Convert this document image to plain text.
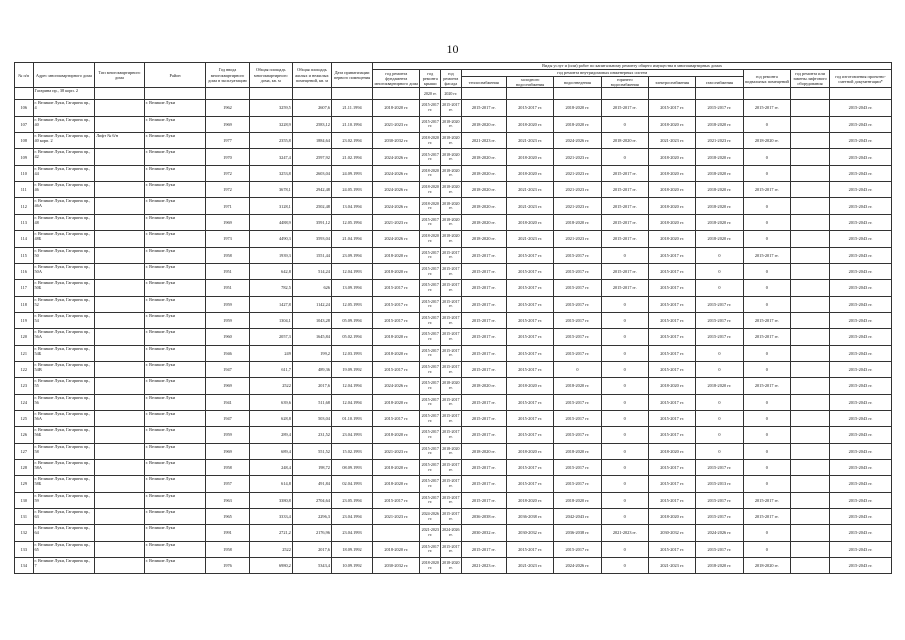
10
№ п/п	Адрес многоквартирного дома	Тип многоквартирного дома	Район	Год ввода многоквартирного дома в эксплуатацию	Общая площадь многоквартирного дома, кв. м	Общая площадь жилых и нежилых помещений, кв. м	Дата приватизации первого помещения	Виды услуг и (или) работ по капитальному ремонту общего имущества в многоквартирных домах											
								год ремонта фундамента многоквартирного дома	год ремонта крыши	год ремонта фасада	год ремонта внутридомовых инженерных систем						год ремонта подвальных помещений	год ремонта или замены лифтового оборудования	год изготовления проектно-сметной документации*
											теплоснабжения	холодного водоснабжения	водоотведения	горячего водоснабжения	электроснабжения	газоснабжения			
	Гагарина пр., 38 корп. 2								2020 гг.	2020 гг.									
106	г. Великие Луки, Гагарина пр., 4		г. Великие Луки	1962	3259,5	2607,6	21.11.1994	2018-2020 гг.	2015-2017 гг.	2015-2017 гг.	2015-2017 гг.	2015-2017 гг.	2018-2020 гг.	2015-2017 гг.	2015-2017 гг.	2015-2017 гг.	2015-2017 гг.		2015-2043 гг.
107	г. Великие Луки, Гагарина пр., 40		г. Великие Луки	1969	3228,9	2583,12	21.10.1994	2021-2023 гг.	2015-2017 гг.	2018-2020 гг.	2018-2020 гг.	2018-2020 гг.	2018-2020 гг.	0	2018-2020 гг.	2018-2020 гг.	0		2015-2043 гг.
108	г. Великие Луки, Гагарина пр., 40 корп. 2	Лифт № 6/н	г. Великие Луки	1977	2355,8	1884,64	23.02.1994	2030-2032 гг.	2018-2020 гг.	2018-2020 гг.	2021-2023 гг.	2021-2023 гг.	2024-2026 гг.	2018-2020 гг.	2021-2023 гг.	2021-2023 гг.	2018-2020 гг.		2015-2043 гг.
109	г. Великие Луки, Гагарина пр., 42		г. Великие Луки	1970	3247,4	2597,92	21.02.1994	2024-2026 гг.	2015-2017 гг.	2018-2020 гг.	2018-2020 гг.	2018-2020 гг.	2021-2023 гг.	0	2018-2020 гг.	2018-2020 гг.	0		2015-2043 гг.
110	г. Великие Луки, Гагарина пр., 44		г. Великие Луки	1972	3253,8	2603,04	24.09.1993	2024-2026 гг.	2018-2020 гг.	2018-2020 гг.	2018-2020 гг.	2018-2020 гг.	2021-2023 гг.	2015-2017 гг.	2018-2020 гг.	2018-2020 гг.	0		2015-2043 гг.
111	г. Великие Луки, Гагарина пр., 46		г. Великие Луки	1972	3678,1	2942,48	24.05.1993	2024-2026 гг.	2018-2020 гг.	2018-2020 гг.	2018-2020 гг.	2021-2023 гг.	2021-2023 гг.	2015-2017 гг.	2018-2020 гг.	2018-2020 гг.	2015-2017 гг.		2015-2043 гг.
112	г. Великие Луки, Гагарина пр., 46А		г. Великие Луки	1971	3128,1	2502,48	13.04.1994	2024-2026 гг.	2018-2020 гг.	2018-2020 гг.	2018-2020 гг.	2021-2023 гг.	2021-2023 гг.	2015-2017 гг.	2018-2020 гг.	2018-2020 гг.	0		2015-2043 гг.
113	г. Великие Луки, Гагарина пр., 48		г. Великие Луки	1969	4488,9	3591,12	12.05.1994	2021-2023 гг.	2015-2017 гг.	2018-2020 гг.	2018-2020 гг.	2018-2020 гг.	2018-2020 гг.	2015-2017 гг.	2018-2020 гг.	2018-2020 гг.	0		2015-2043 гг.
114	г. Великие Луки, Гагарина пр., 48Б		г. Великие Луки	1973	4490,3	3593,04	21.04.1994	2024-2026 гг.	2018-2020 гг.	2018-2020 гг.	2018-2020 гг.	2021-2023 гг.	2021-2023 гг.	2015-2017 гг.	2018-2020 гг.	2018-2020 гг.	0		2015-2043 гг.
115	г. Великие Луки, Гагарина пр., 50		г. Великие Луки	1958	1939,3	1551,44	23.09.1994	2018-2020 гг.	2015-2017 гг.	2015-2017 гг.	2015-2017 гг.	2015-2017 гг.	2015-2017 гг.	0	2015-2017 гг.	0	2015-2017 гг.		2015-2043 гг.
116	г. Великие Луки, Гагарина пр., 50А		г. Великие Луки	1951	642,8	514,24	12.04.1993	2018-2020 гг.	2015-2017 гг.	2015-2017 гг.	2015-2017 гг.	2015-2017 гг.	2015-2017 гг.	2015-2017 гг.	2015-2017 гг.	0	0		2015-2043 гг.
117	г. Великие Луки, Гагарина пр., 50Б		г. Великие Луки	1951	782,5	626	13.09.1994	2015-2017 гг.	2015-2017 гг.	2015-2017 гг.	2015-2017 гг.	2015-2017 гг.	2015-2017 гг.	2015-2017 гг.	2015-2017 гг.	0	0		2015-2043 гг.
118	г. Великие Луки, Гагарина пр., 52		г. Великие Луки	1959	1427,8	1142,24	12.05.1993	2015-2017 гг.	2015-2017 гг.	2015-2017 гг.	2015-2017 гг.	2015-2017 гг.	2015-2017 гг.	0	2015-2017 гг.	2015-2017 гг.	0		2015-2043 гг.
119	г. Великие Луки, Гагарина пр., 54		г. Великие Луки	1959	1304,1	1043,28	05.09.1994	2015-2017 гг.	2015-2017 гг.	2015-2017 гг.	2015-2017 гг.	2015-2017 гг.	2015-2017 гг.	0	2015-2017 гг.	2015-2017 гг.	2015-2017 гг.		2015-2043 гг.
120	г. Великие Луки, Гагарина пр., 56А		г. Великие Луки	1960	2057,3	1645,84	05.02.1994	2018-2020 гг.	2015-2017 гг.	2015-2017 гг.	2015-2017 гг.	2015-2017 гг.	2015-2017 гг.	0	2015-2017 гг.	2015-2017 гг.	2015-2017 гг.		2015-2043 гг.
121	г. Великие Луки, Гагарина пр., 54Б		г. Великие Луки	1946	249	199,2	12.03.1993	2018-2020 гг.	2015-2017 гг.	2015-2017 гг.	2015-2017 гг.	2015-2017 гг.	2015-2017 гг.	0	2015-2017 гг.	0	0		2015-2043 гг.
122	г. Великие Луки, Гагарина пр., 54В		г. Великие Луки	1947	611,7	489,36	19.09.1992	2015-2017 гг.	2015-2017 гг.	2015-2017 гг.	2015-2017 гг.	2015-2017 гг.	0	0	2015-2017 гг.	0	0		2015-2043 гг.
123	г. Великие Луки, Гагарина пр., 55		г. Великие Луки	1969	2522	2017,6	12.04.1994	2024-2026 гг.	2015-2017 гг.	2018-2020 гг.	2018-2020 гг.	2018-2020 гг.	2018-2020 гг.	0	2018-2020 гг.	2018-2020 гг.	2015-2017 гг.		2015-2043 гг.
124	г. Великие Луки, Гагарина пр., 56		г. Великие Луки	1941	639,6	511,68	12.04.1994	2018-2020 гг.	2015-2017 гг.	2015-2017 гг.	2015-2017 гг.	2015-2017 гг.	2015-2017 гг.	0	2015-2017 гг.	0	0		2015-2043 гг.
125	г. Великие Луки, Гагарина пр., 56А		г. Великие Луки	1947	628,8	503,04	01.10.1993	2015-2017 гг.	2015-2017 гг.	2015-2017 гг.	2015-2017 гг.	2015-2017 гг.	2015-2017 гг.	0	2015-2017 гг.	0	0		2015-2043 гг.
126	г. Великие Луки, Гагарина пр., 56Б		г. Великие Луки	1959	289,4	231,52	23.04.1993	2018-2020 гг.	2015-2017 гг.	2015-2017 гг.	2015-2017 гг.	2015-2017 гг.	2015-2017 гг.	0	2015-2017 гг.	0	0		2015-2043 гг.
127	г. Великие Луки, Гагарина пр., 58		г. Великие Луки	1969	689,4	551,52	15.02.1993	2021-2023 гг.	2015-2017 гг.	2018-2020 гг.	2018-2020 гг.	2018-2020 гг.	2018-2020 гг.	0	2018-2020 гг.	0	0		2015-2043 гг.
128	г. Великие Луки, Гагарина пр., 58А		г. Великие Луки	1958	248,4	198,72	08.09.1993	2018-2020 гг.	2015-2017 гг.	2015-2017 гг.	2015-2017 гг.	2015-2017 гг.	2015-2017 гг.	0	2015-2017 гг.	2015-2017 гг.	0		2015-2043 гг.
129	г. Великие Луки, Гагарина пр., 58Б		г. Великие Луки	1957	614,8	491,84	02.04.1993	2018-2020 гг.	2015-2017 гг.	2015-2017 гг.	2015-2017 гг.	2015-2017 гг.	2015-2017 гг.	0	2015-2017 гг.	2015-2013 гг.	0		2015-2043 гг.
130	г. Великие Луки, Гагарина пр., 59		г. Великие Луки	1963	3380,8	2704,64	23.05.1994	2015-2017 гг.	2015-2017 гг.	2015-2017 гг.	2015-2017 гг.	2018-2020 гг.	2018-2020 гг.	0	2015-2017 гг.	2015-2017 гг.	2015-2017 гг.		2015-2043 гг.
131	г. Великие Луки, Гагарина пр., 63		г. Великие Луки	1965	3333,4	2296,3	23.04.1994	2021-2023 гг.	2024-2026 гг.	2015-2017 гг.	2036-2038 гг.	2036-2038 гг.	2042-2043 гг.	0	2018-2020 гг.	2015-2017 гг.	2015-2017 гг.		2015-2043 гг.
132	г. Великие Луки, Гагарина пр., 64		г. Великие Луки	1991	2721,2	2176,96	23.04.1993		2021-2023 гг.	2024-2026 гг.	2030-2032 гг.	2030-2032 гг.	2036-2038 гг.	2021-2023 гг.	2030-2032 гг.	2024-2026 гг.	0		2015-2043 гг.
133	г. Великие Луки, Гагарина пр., 65		г. Великие Луки	1958	2522	2017,6	18.09.1992	2018-2020 гг.	2015-2017 гг.	2015-2017 гг.	2015-2017 гг.	2015-2017 гг.	2015-2017 гг.	0	2015-2017 гг.	2015-2017 гг.	0		2015-2043 гг.
134	г. Великие Луки, Гагарина пр., 7		г. Великие Луки	1976	6980,2	5343,4	10.09.1992	2030-2032 гг.	2018-2020 гг.	2018-2020 гг.	2021-2023 гг.	2021-2023 гг.	2024-2026 гг.	0	2021-2023 гг.	2018-2020 гг.	2018-2020 гг.		2015-2043 гг.
